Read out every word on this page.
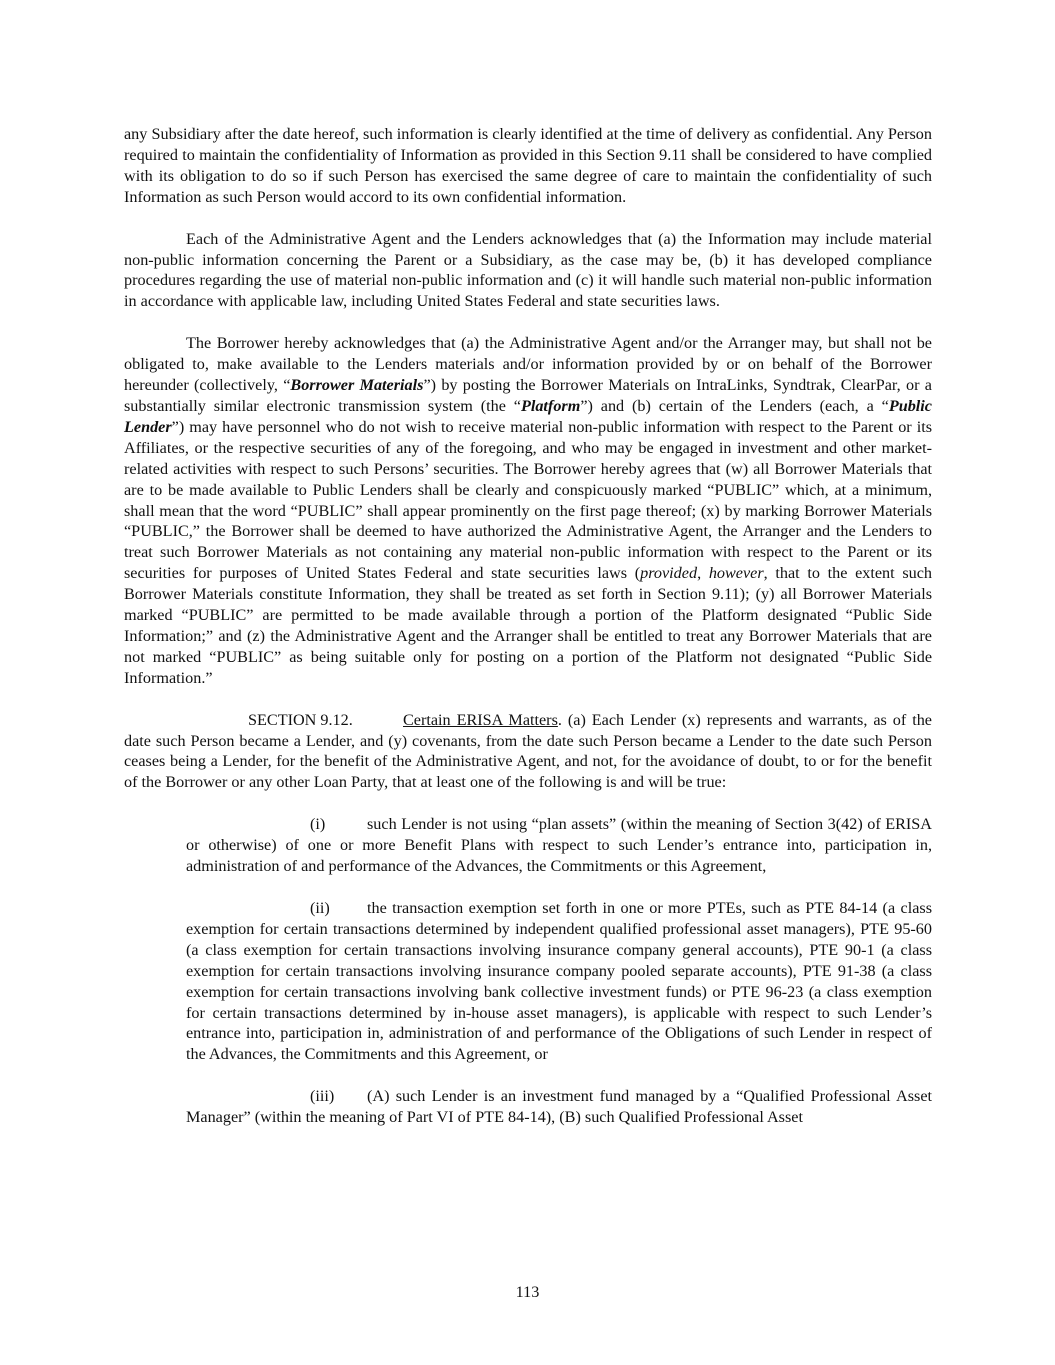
any Subsidiary after the date hereof, such information is clearly identified at the time of delivery as confidential. Any Person required to maintain the confidentiality of Information as provided in this Section 9.11 shall be considered to have complied with its obligation to do so if such Person has exercised the same degree of care to maintain the confidentiality of such Information as such Person would accord to its own confidential information.

Each of the Administrative Agent and the Lenders acknowledges that (a) the Information may include material non-public information concerning the Parent or a Subsidiary, as the case may be, (b) it has developed compliance procedures regarding the use of material non-public information and (c) it will handle such material non-public information in accordance with applicable law, including United States Federal and state securities laws.

The Borrower hereby acknowledges that (a) the Administrative Agent and/or the Arranger may, but shall not be obligated to, make available to the Lenders materials and/or information provided by or on behalf of the Borrower hereunder (collectively, “Borrower Materials”) by posting the Borrower Materials on IntraLinks, Syndtrak, ClearPar, or a substantially similar electronic transmission system (the “Platform”) and (b) certain of the Lenders (each, a “Public Lender”) may have personnel who do not wish to receive material non-public information with respect to the Parent or its Affiliates, or the respective securities of any of the foregoing, and who may be engaged in investment and other market-related activities with respect to such Persons’ securities. The Borrower hereby agrees that (w) all Borrower Materials that are to be made available to Public Lenders shall be clearly and conspicuously marked “PUBLIC” which, at a minimum, shall mean that the word “PUBLIC” shall appear prominently on the first page thereof; (x) by marking Borrower Materials “PUBLIC,” the Borrower shall be deemed to have authorized the Administrative Agent, the Arranger and the Lenders to treat such Borrower Materials as not containing any material non-public information with respect to the Parent or its securities for purposes of United States Federal and state securities laws (provided, however, that to the extent such Borrower Materials constitute Information, they shall be treated as set forth in Section 9.11); (y) all Borrower Materials marked “PUBLIC” are permitted to be made available through a portion of the Platform designated “Public Side Information;” and (z) the Administrative Agent and the Arranger shall be entitled to treat any Borrower Materials that are not marked “PUBLIC” as being suitable only for posting on a portion of the Platform not designated “Public Side Information.”

SECTION 9.12.	Certain ERISA Matters. (a) Each Lender (x) represents and warrants, as of the date such Person became a Lender, and (y) covenants, from the date such Person became a Lender to the date such Person ceases being a Lender, for the benefit of the Administrative Agent, and not, for the avoidance of doubt, to or for the benefit of the Borrower or any other Loan Party, that at least one of the following is and will be true:

(i)	such Lender is not using “plan assets” (within the meaning of Section 3(42) of ERISA or otherwise) of one or more Benefit Plans with respect to such Lender’s entrance into, participation in, administration of and performance of the Advances, the Commitments or this Agreement,

(ii) the transaction exemption set forth in one or more PTEs, such as PTE 84-14 (a class exemption for certain transactions determined by independent qualified professional asset managers), PTE 95-60 (a class exemption for certain transactions involving insurance company general accounts), PTE 90-1 (a class exemption for certain transactions involving insurance company pooled separate accounts), PTE 91-38 (a class exemption for certain transactions involving bank collective investment funds) or PTE 96-23 (a class exemption for certain transactions determined by in-house asset managers), is applicable with respect to such Lender’s entrance into, participation in, administration of and performance of the Obligations of such Lender in respect of the Advances, the Commitments and this Agreement, or

(iii) (A) such Lender is an investment fund managed by a “Qualified Professional Asset Manager” (within the meaning of Part VI of PTE 84-14), (B) such Qualified Professional Asset

113
